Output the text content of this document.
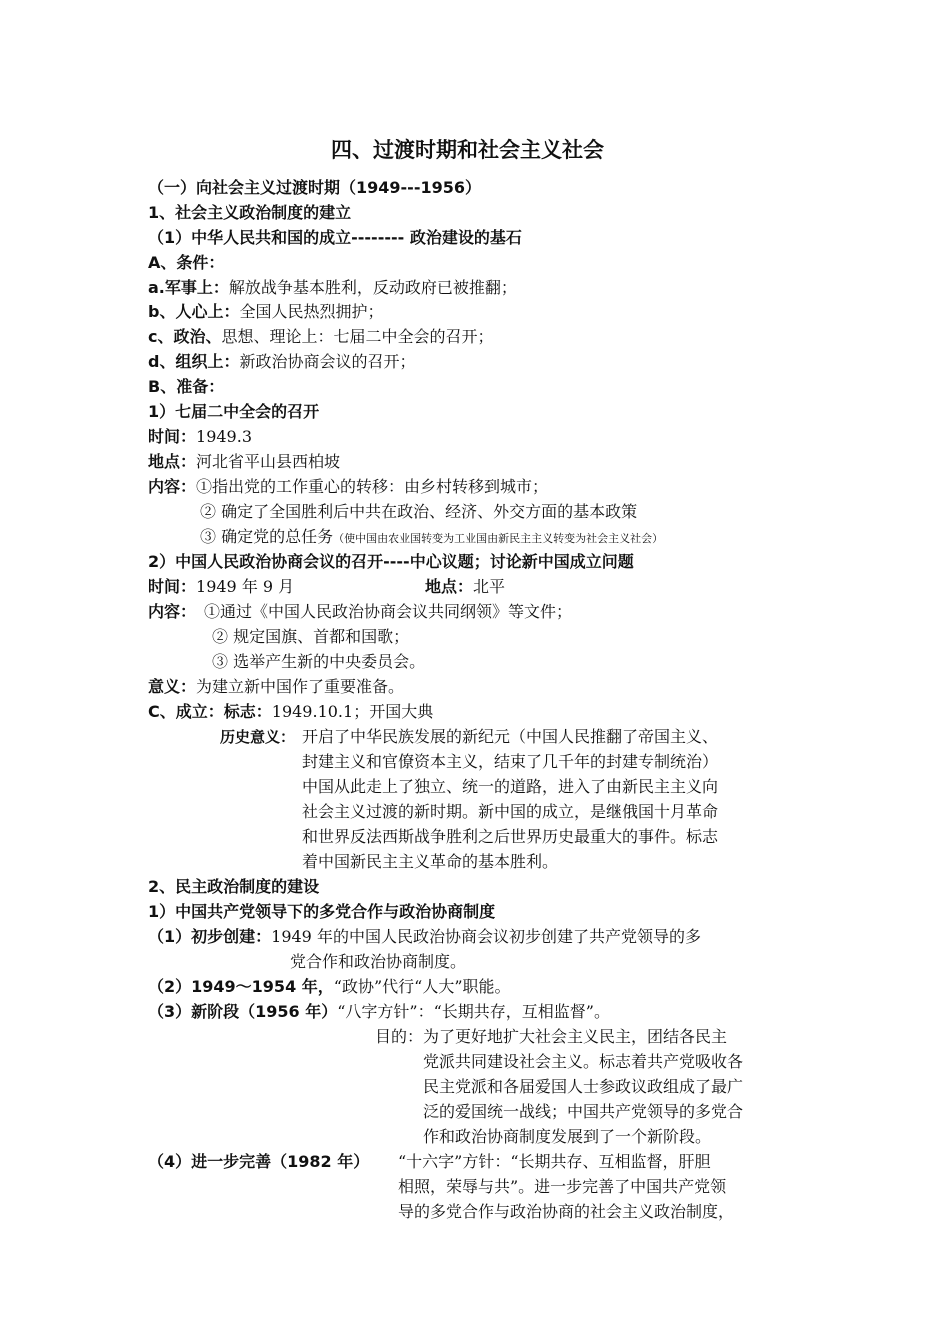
四、过渡时期和社会主义社会
（一）向社会主义过渡时期（1949---1956）
1、社会主义政治制度的建立
（1）中华人民共和国的成立-------- 政治建设的基石
A、条件：
a.军事上：解放战争基本胜利，反动政府已被推翻；
b、人心上：全国人民热烈拥护；
c、政治、思想、理论上：七届二中全会的召开；
d、组织上：新政治协商会议的召开；
B、准备：
1）七届二中全会的召开
时间：1949.3
地点：河北省平山县西柏坡
内容：①指出党的工作重心的转移：由乡村转移到城市；
② 确定了全国胜利后中共在政治、经济、外交方面的基本政策
③ 确定党的总任务（使中国由农业国转变为工业国由新民主主义转变为社会主义社会）
2）中国人民政治协商会议的召开----中心议题；讨论新中国成立问题
时间：1949 年 9 月	地点：北平
内容： ①通过《中国人民政治协商会议共同纲领》等文件；
② 规定国旗、首都和国歌；
③ 选举产生新的中央委员会。
意义：为建立新中国作了重要准备。
C、成立：标志：1949.10.1；开国大典
历史意义： 开启了中华民族发展的新纪元（中国人民推翻了帝国主义、
封建主义和官僚资本主义，结束了几千年的封建专制统治）
中国从此走上了独立、统一的道路，进入了由新民主主义向
社会主义过渡的新时期。新中国的成立，是继俄国十月革命
和世界反法西斯战争胜利之后世界历史最重大的事件。标志
着中国新民主主义革命的基本胜利。
2、民主政治制度的建设
1）中国共产党领导下的多党合作与政治协商制度
（1）初步创建：1949 年的中国人民政治协商会议初步创建了共产党领导的多
党合作和政治协商制度。
（2）1949～1954 年，“政协”代行“人大”职能。
（3）新阶段（1956 年）“八字方针”：“长期共存，互相监督”。
目的：为了更好地扩大社会主义民主，团结各民主
党派共同建设社会主义。标志着共产党吸收各
民主党派和各届爱国人士参政议政组成了最广
泛的爱国统一战线；中国共产党领导的多党合
作和政治协商制度发展到了一个新阶段。
（4）进一步完善（1982 年） “十六字”方针：“长期共存、互相监督，肝胆
相照，荣辱与共”。进一步完善了中国共产党领
导的多党合作与政治协商的社会主义政治制度，
